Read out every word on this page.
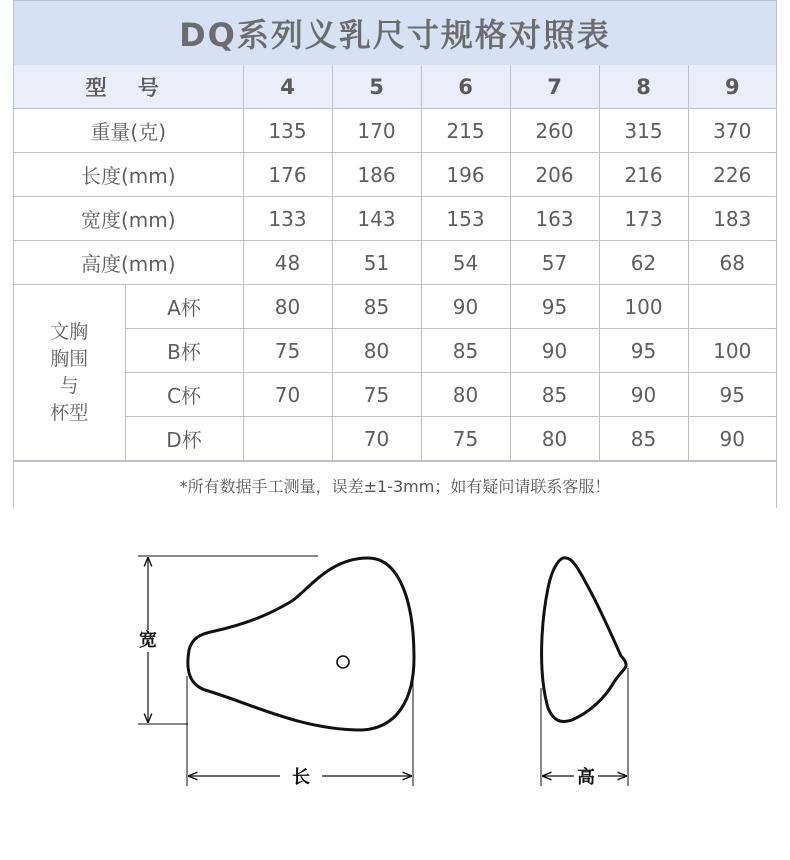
DQ系列义乳尺寸规格对照表
型 号		4	5	6	7	8	9
重量(克)		135	170	215	260	315	370
长度(mm)		176	186	196	206	216	226
宽度(mm)		133	143	153	163	173	183
高度(mm)		48	51	54	57	62	68

文胸
胸围
与
杯型	A杯	80	85	90	95	100	
	B杯	75	80	85	90	95	100
	C杯	70	75	80	85	90	95
	D杯		70	75	80	85	90
*所有数据手工测量，误差±1-3mm；如有疑问请联系客服！
宽
长	高
